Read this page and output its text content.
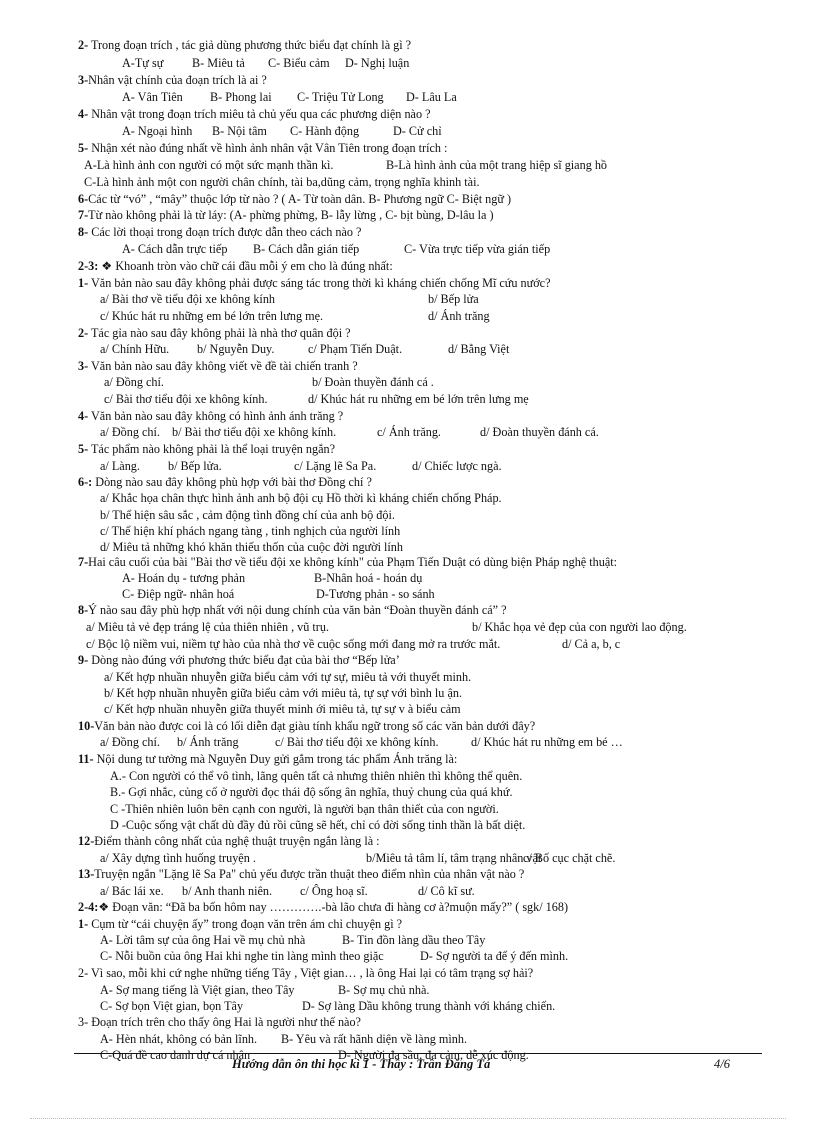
2- Trong đoạn trích , tác giả dùng phương thức biểu đạt chính là gì ?
A-Tự sự B- Miêu tả C- Biểu cảm D- Nghị luận
3-Nhân vật chính của đoạn trích là ai ?
A- Vân Tiên B- Phong lai C- Triệu Tử Long D- Lâu La
4- Nhân vật trong đoạn trích miêu tả chủ yếu qua các phương diện nào ?
A- Ngoại hình B- Nội tâm C- Hành động	D- Cử chỉ
5- Nhận xét nào đúng nhất về hình ảnh nhân vật Vân Tiên trong đoạn trích :
A-Là hình ảnh con người có một sức mạnh thần kì.	B-Là hình ảnh của một trang hiệp sĩ giang hồ
C-Là hình ảnh một con người chân chính, tài ba,dũng cảm, trọng nghĩa khinh tài.
6-Các từ “vó” , “mây” thuộc lớp từ nào ? ( A- Từ toàn dân. B- Phương ngữ C- Biệt ngữ )
7-Từ nào không phải là từ láy: (A- phừng phừng, B- lẫy lừng , C- bịt bùng, D-lâu la )
8- Các lời thoại trong đoạn trích được dẫn theo cách nào ?
A- Cách dẫn trực tiếp B- Cách dẫn gián tiếp	C- Vừa trực tiếp vừa gián tiếp
2-3: ❖ Khoanh tròn vào chữ cái đầu mỗi ý em cho là đúng nhất:
1- Văn bản nào sau đây không phải được sáng tác trong thời kì kháng chiến chống Mĩ cứu nước?
a/ Bài thơ về tiểu đội xe không kính	b/ Bếp lửa
c/ Khúc hát ru những em bé lớn trên lưng mẹ.	d/ Ánh trăng
2- Tác gỉa nào sau đây không phải là nhà thơ quân đội ?
a/ Chính Hữu. b/ Nguyễn Duy.	c/ Phạm Tiến Duật.	d/ Bằng Việt
3- Văn bản nào sau đây không viết về đề tài chiến tranh ?
a/ Đồng chí.	b/ Đoàn thuyền đánh cá .
c/ Bài thơ tiểu đội xe không kính.	d/ Khúc hát ru những em bé lớn trên lưng mẹ
4- Văn bản nào sau đây không có hình ảnh ánh trăng ?
a/ Đồng chí. b/ Bài thơ tiểu đội xe không kính.	c/ Ánh trăng.	d/ Đoàn thuyền đánh cá.
5- Tác phẩm nào không phải là thể loại truyện ngắn?
a/ Làng. b/ Bếp lửa.	c/ Lặng lẽ Sa Pa.	d/ Chiếc lược ngà.
6-: Dòng nào sau đây không phù hợp với bài thơ Đồng chí ?
a/ Khắc họa chân thực hình ảnh anh bộ đội cụ Hồ thời kì kháng chiến chống Pháp.
b/ Thể hiện sâu sắc , cảm động tình đồng chí của anh bộ đội.
c/ Thể hiện khí phách ngang tàng , tinh nghịch của người lính
d/ Miêu tả những khó khăn thiếu thốn của cuộc đời người lính
7-Hai câu cuối của bài "Bài thơ về tiểu đội xe không kính" của Phạm Tiến Duật có dùng biện Pháp nghệ thuật:
A- Hoán dụ - tương phản	B-Nhân hoá - hoán dụ
C- Điệp ngữ- nhân hoá	D-Tương phản - so sánh
8-Ý nào sau đây phù hợp nhất với nội dung chính của văn bản “Đoàn thuyền đánh cá” ?
a/ Miêu tả vẻ đẹp tráng lệ của thiên nhiên , vũ trụ.	b/ Khắc họa vẻ đẹp của con người lao động.
c/ Bộc lộ niềm vui, niềm tự hào của nhà thơ về cuộc sống mới đang mở ra trước mắt.	d/ Cả a, b, c
9- Dòng nào đúng với phương thức biểu đạt của bài thơ “Bếp lửa’
a/ Kết hợp nhuần nhuyễn giữa biểu cảm với tự sự, miêu tả với thuyết minh.
b/ Kết hợp nhuần nhuyễn giữa biểu cảm với miêu tả, tự sự với bình lu ận.
c/ Kết hợp nhuần nhuyễn giữa thuyết minh ới miêu tả, tự sự v à biểu cảm
10-Văn bản nào được coi là có lối diễn đạt giàu tính khẩu ngữ trong số các văn bản dưới đây?
a/ Đồng chí. b/ Ánh trăng	c/ Bài thơ tiểu đội xe không kính.	d/ Khúc hát ru những em bé …
11- Nội dung tư tưởng mà Nguyễn Duy gửi gắm trong tác phẩm Ánh trăng là:
A.- Con người có thể vô tình, lãng quên tất cả nhưng thiên nhiên thì không thể quên.
B.- Gợi nhắc, củng cố ở người đọc thái độ sống ân nghĩa, thuỷ chung của quá khứ.
C -Thiên nhiên luôn bên cạnh con người, là người bạn thân thiết của con người.
D -Cuộc sống vật chất dù đầy đủ rồi cũng sẽ hết, chỉ có đời sống tinh thần là bất diệt.
12-Điểm thành công nhất của nghệ thuật truyện ngắn làng là :
a/ Xây dựng tình huống truyện .	b/Miêu tả tâm lí, tâm trạng nhân vật
c/ Bố cục chặt chẽ.
13-Truyện ngắn "Lặng lẽ Sa Pa" chủ yếu được trần thuật theo điểm nhìn của nhân vật nào ?
a/ Bác lái xe. b/ Anh thanh niên. c/ Ông hoạ sĩ.	d/ Cô kĩ sư.
2-4:❖ Đoạn văn: “Đã ba bốn hôm nay ………….-bà lão chưa đi hàng cơ à?muộn mấy?” ( sgk/ 168)
1- Cụm từ “cái chuyện ấy” trong đoạn văn trên ám chỉ chuyện gì ?
A- Lời tâm sự của ông Hai về mụ chủ nhà	B- Tin đồn làng dầu theo Tây
C- Nỗi buồn của ông Hai khi nghe tin làng mình theo giặc	D- Sợ người ta để ý đến mình.
2- Vì sao, mỗi khi cứ nghe những tiếng Tây , Việt gian… , là ông Hai lại có tâm trạng sợ hải?
A- Sợ mang tiếng là Việt gian, theo Tây	B- Sợ mụ chủ nhà.
C- Sợ bọn Việt gian, bọn Tây	D- Sợ làng Dầu không trung thành với kháng chiến.
3- Đoạn trích trên cho thấy ông Hai là người như thế nào?
A- Hèn nhát, không có bản lĩnh. B- Yêu và rất hãnh diện về làng mình.
C-Quá đề cao danh dự cá nhân	D- Người đa sầu, đa cảm, dễ xúc động.
Hướng dẫn ôn thi học kì 1 - Thầy : Trần Đăng Tá	4/6
